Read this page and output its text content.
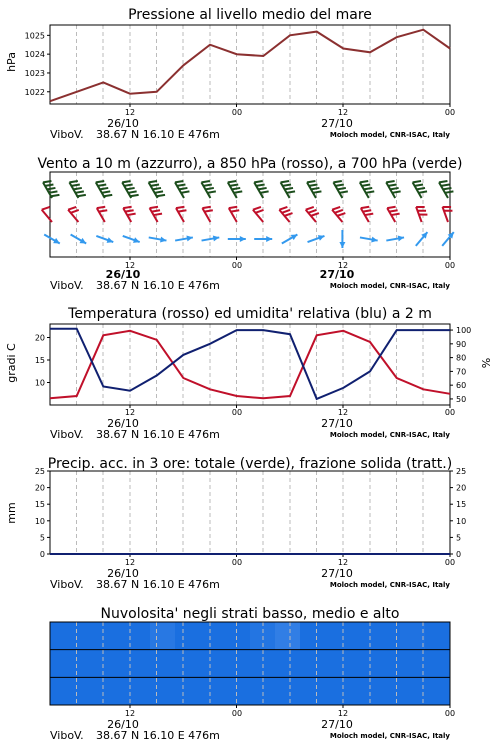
Pressione al livello medio del mare
Vento a 10 m (azzurro), a 850 hPa (rosso), a 700 hPa (verde)
Temperatura (rosso) ed umidita' relativa (blu) a 2 m
Precip. acc. in 3 ore: totale (verde), frazione solida (tratt.)
Nuvolosita' negli strati basso, medio e alto
hPa
gradi C	%
mm
12	00	12	00
26/10	27/10
ViboV. 38.67 N 16.10 E 476m	Moloch model, CNR-ISAC, Italy
12	00	12	00
26/10	27/10
ViboV. 38.67 N 16.10 E 476m	Moloch model, CNR-ISAC, Italy
12	00	12	00
26/10	27/10
ViboV. 38.67 N 16.10 E 476m	Moloch model, CNR-ISAC, Italy
12	00	12	00
26/10	27/10
ViboV. 38.67 N 16.10 E 476m	Moloch model, CNR-ISAC, Italy
12	00	12	00
26/10	27/10
ViboV. 38.67 N 16.10 E 476m	Moloch model, CNR-ISAC, Italy
1022
1023
1024
1025
10
15
20
50
60
70
80
90
100
0
5
10
15
20
25
0
5
10
15
20
25
